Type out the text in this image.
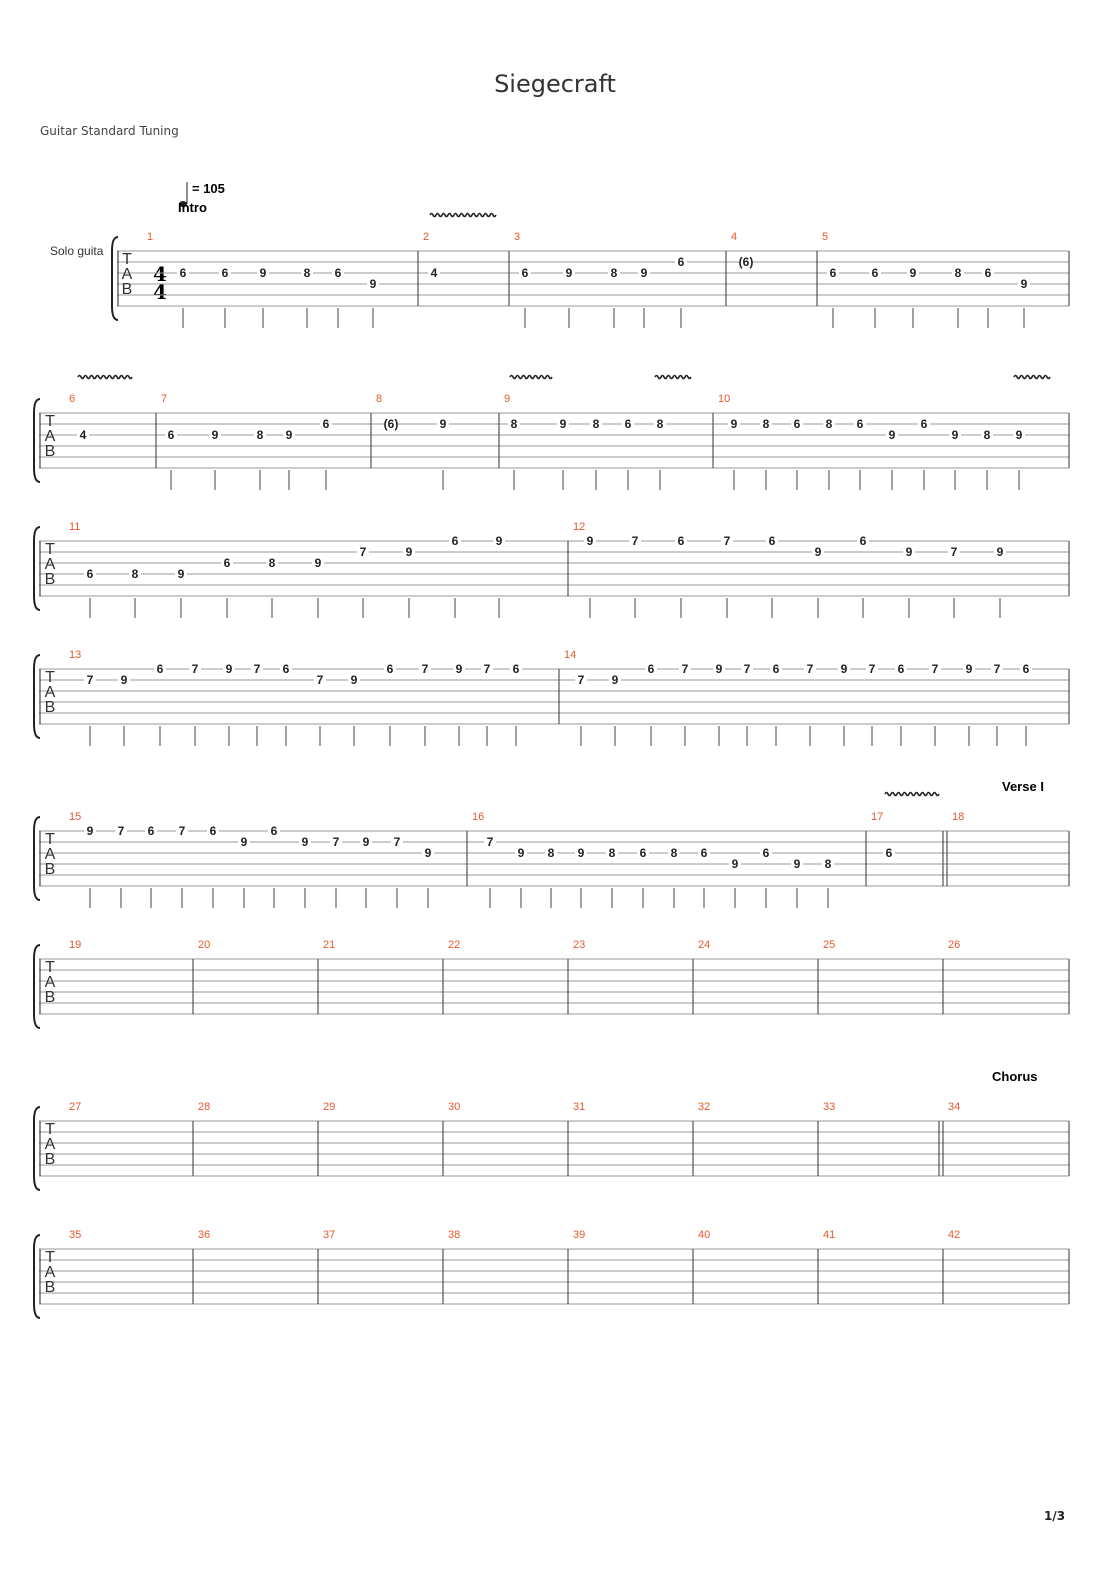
Siegecraft
Guitar Standard Tuning
1/3
= 105
Intro
Verse I
Chorus
Solo guita
4
4
T
A
B
1	2	3	4	5
T
A
B
6	7	8	9	10
T
A
B
11	12
T
A
B
13	14
T
A
B
15	16	17	18
T
A
B
19	20	21	22	23	24	25	26
T
A
B
27	28	29	30	31	32	33	34
T
A
B
35	36	37	38	39	40	41	42
6	6	9	8 6
9
4	6	9	8 9
6	(6)
6	6	9	8 6
9
4	6	9	8 9
6	(6)	9	8	9 8 6 8	9 8 6 8 6
9
6
9 8 9
6	8	9
6	8	9
7	9
6	9	9	7	6	7	6
9
6
9	7	9
7 9
6 7 9 7 6
7 9
6 7 9 7 6
7 9
6 7 9 7 6 7 9 7 6 7 9 7 6
9 7 6 7 6
9
6
9 7 9 7
9
7
9 8 9 8 6 8 6
9
6
9 8
6
